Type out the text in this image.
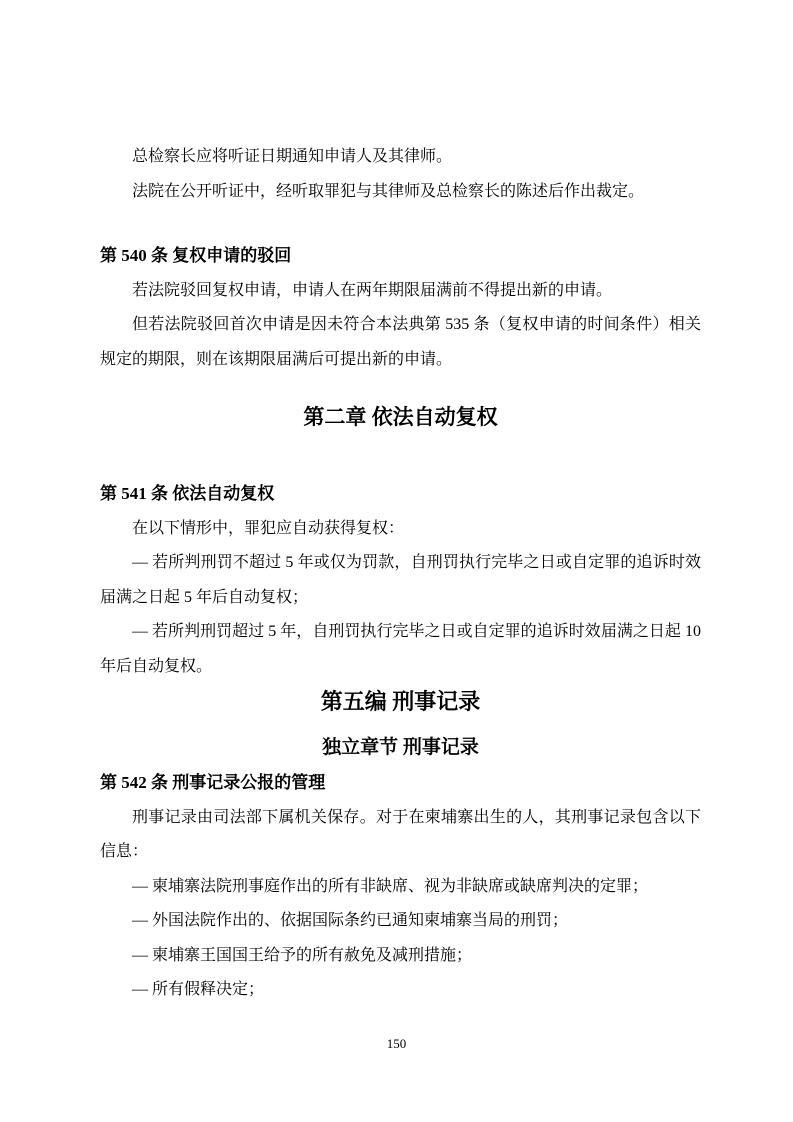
总检察长应将听证日期通知申请人及其律师。

法院在公开听证中，经听取罪犯与其律师及总检察长的陈述后作出裁定。

第 540 条 复权申请的驳回

若法院驳回复权申请，申请人在两年期限届满前不得提出新的申请。

但若法院驳回首次申请是因未符合本法典第 535 条（复权申请的时间条件）相关规定的期限，则在该期限届满后可提出新的申请。

第二章 依法自动复权
第 541 条 依法自动复权

在以下情形中，罪犯应自动获得复权：

— 若所判刑罚不超过 5 年或仅为罚款，自刑罚执行完毕之日或自定罪的追诉时效届满之日起 5 年后自动复权；

— 若所判刑罚超过 5 年，自刑罚执行完毕之日或自定罪的追诉时效届满之日起 10 年后自动复权。

第五编 刑事记录
独立章节 刑事记录
第 542 条 刑事记录公报的管理

刑事记录由司法部下属机关保存。对于在柬埔寨出生的人，其刑事记录包含以下信息：

— 柬埔寨法院刑事庭作出的所有非缺席、视为非缺席或缺席判决的定罪；

— 外国法院作出的、依据国际条约已通知柬埔寨当局的刑罚；

— 柬埔寨王国国王给予的所有赦免及减刑措施；

— 所有假释决定；

150
